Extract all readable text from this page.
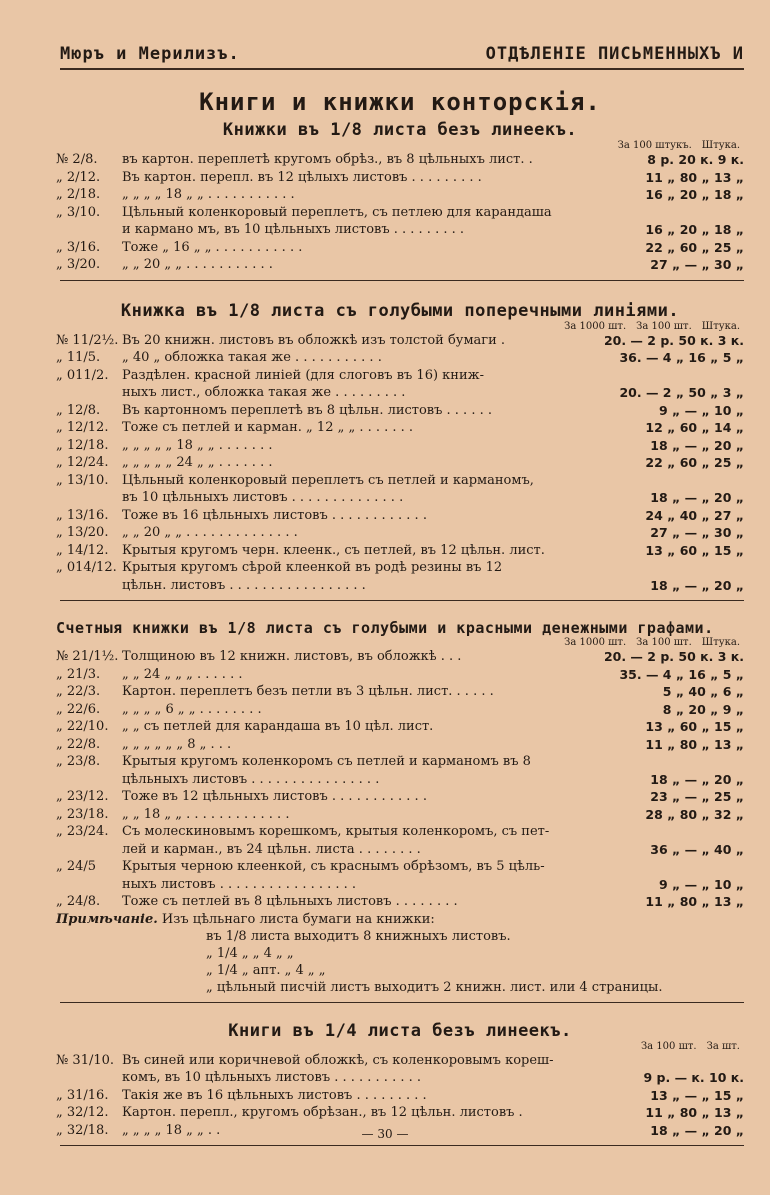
Мюръ и Мерилизъ.	ОТДѢЛЕНІЕ ПИСЬМЕННЫХЪ И
Книги и книжки конторскія.
Книжки въ 1/8 листа безъ линеекъ.
За 100 штукъ. Штука.
№ 2/8.	въ картон. переплетѣ кругомъ обрѣз., въ 8 цѣльныхъ лист. .	8 р. 20 к. 9 к.
„ 2/12.	Въ картон. перепл. въ 12 цѣлыхъ листовъ . . . . . . . . .	11 „ 80 „ 13 „
„ 2/18.	„ „ „ „ 18 „ „ . . . . . . . . . . .	16 „ 20 „ 18 „
„ 3/10.	Цѣльный коленкоровый переплетъ, съ петлею для карандаша
и кармано мъ, въ 10 цѣльныхъ листовъ . . . . . . . . .	16 „ 20 „ 18 „
„ 3/16.	Тоже „ 16 „ „ . . . . . . . . . . .	22 „ 60 „ 25 „
„ 3/20.	„ „ 20 „ „ . . . . . . . . . . .	27 „ — „ 30 „
Книжка въ 1/8 листа съ голубыми поперечными линіями.
За 1000 шт. За 100 шт. Штука.
№ 11/2½. Въ 20 книжн. листовъ въ обложкѣ изъ толстой бумаги .	20. — 2 р. 50 к. 3 к.
„ 11/5.	„ 40 „ обложка такая же . . . . . . . . . . .	36. — 4 „ 16 „ 5 „
„ 011/2.	Раздѣлен. красной линіей (для слоговъ въ 16) книж-
ныхъ лист., обложка такая же . . . . . . . . .	20. — 2 „ 50 „ 3 „
„ 12/8.	Въ картонномъ переплетѣ въ 8 цѣльн. листовъ . . . . . .	9 „ — „ 10 „
„ 12/12.	Тоже съ петлей и карман. „ 12 „ „ . . . . . . .	12 „ 60 „ 14 „
„ 12/18.	„ „ „ „ „ 18 „ „ . . . . . . .	18 „ — „ 20 „
„ 12/24.	„ „ „ „ „ 24 „ „ . . . . . . .	22 „ 60 „ 25 „
„ 13/10.	Цѣльный коленкоровый переплетъ съ петлей и карманомъ,
въ 10 цѣльныхъ листовъ . . . . . . . . . . . . . .	18 „ — „ 20 „
„ 13/16.	Тоже въ 16 цѣльныхъ листовъ . . . . . . . . . . . .	24 „ 40 „ 27 „
„ 13/20.	„ „ 20 „ „ . . . . . . . . . . . . . .	27 „ — „ 30 „
„ 14/12.	Крытыя кругомъ черн. клеенк., съ петлей, въ 12 цѣльн. лист.	13 „ 60 „ 15 „
„ 014/12. Крытыя кругомъ сѣрой клеенкой въ родѣ резины въ 12
цѣльн. листовъ . . . . . . . . . . . . . . . . .	18 „ — „ 20 „
Счетныя книжки въ 1/8 листа съ голубыми и красными денежными графами.
За 1000 шт. За 100 шт. Штука.
№ 21/1½. Толщиною въ 12 книжн. листовъ, въ обложкѣ . . .	20. — 2 р. 50 к. 3 к.
„ 21/3.	„ „ 24 „ „ „ . . . . . .	35. — 4 „ 16 „ 5 „
„ 22/3.	Картон. переплетъ безъ петли въ 3 цѣльн. лист. . . . . .	5 „ 40 „ 6 „
„ 22/6.	„ „ „ „ 6 „ „ . . . . . . . .	8 „ 20 „ 9 „
„ 22/10.	„ „ съ петлей для карандаша въ 10 цѣл. лист.	13 „ 60 „ 15 „
„ 22/8.	„ „ „ „ „ „ 8 „ . . .	11 „ 80 „ 13 „
„ 23/8.	Крытыя кругомъ коленкоромъ съ петлей и карманомъ въ 8
цѣльныхъ листовъ . . . . . . . . . . . . . . . .	18 „ — „ 20 „
„ 23/12.	Тоже въ 12 цѣльныхъ листовъ . . . . . . . . . . . .	23 „ — „ 25 „
„ 23/18.	„ „ 18 „ „ . . . . . . . . . . . . .	28 „ 80 „ 32 „
„ 23/24.	Съ молескиновымъ корешкомъ, крытыя коленкоромъ, съ пет-
лей и карман., въ 24 цѣльн. листа . . . . . . . .	36 „ — „ 40 „
„ 24/5	Крытыя черною клеенкой, съ краснымъ обрѣзомъ, въ 5 цѣль-
ныхъ листовъ . . . . . . . . . . . . . . . . .	9 „ — „ 10 „
„ 24/8.	Тоже съ петлей въ 8 цѣльныхъ листовъ . . . . . . . .	11 „ 80 „ 13 „
Примѣчаніе. Изъ цѣльнаго листа бумаги на книжки:
въ 1/8 листа выходитъ 8 книжныхъ листовъ.
„ 1/4 „ „ 4 „ „
„ 1/4 „ апт. „ 4 „ „
„ цѣльный писчій листъ выходитъ 2 книжн. лист. или 4 страницы.
Книги въ 1/4 листа безъ линеекъ.
За 100 шт. За шт.
№ 31/10. Въ синей или коричневой обложкѣ, съ коленкоровымъ кореш-
комъ, въ 10 цѣльныхъ листовъ . . . . . . . . . . .	9 р. — к. 10 к.
„ 31/16.	Такія же въ 16 цѣльныхъ листовъ . . . . . . . . .	13 „ — „ 15 „
„ 32/12.	Картон. перепл., кругомъ обрѣзан., въ 12 цѣльн. листовъ .	11 „ 80 „ 13 „
„ 32/18.	„ „ „ „ 18 „ „ . .	18 „ — „ 20 „
— 30 —
